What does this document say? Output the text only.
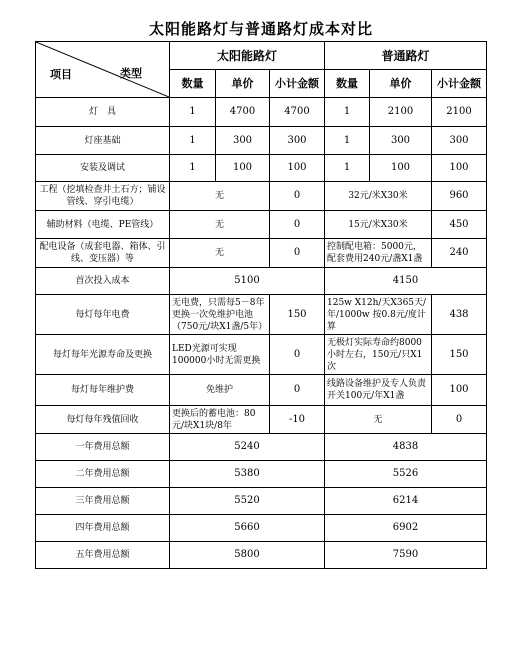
太阳能路灯与普通路灯成本对比
项目 类型	太阳能路灯			普通路灯		
	数量	单价	小计金额	数量	单价	小计金额
灯　具	1	4700	4700	1	2100	2100
灯座基础	1	300	300	1	300	300
安装及调试	1	100	100	1	100	100
工程（挖填检查井土石方；铺设管线、穿引电缆）	无		0	32元/米X30米		960
辅助材料（电缆、PE管线）	无		0	15元/米X30米		450
配电设备（成套电器、箱体、引线、变压器）等	无		0	控制配电箱：5000元，配套费用240元/盏X1盏		240
首次投入成本	5100			4150		
每灯每年电费	无电费，只需每5－8年更换一次免维护电池（750元/块X1盏/5年）		150	125w X12h/天X365天/年/1000w 按0.8元/度计算		438
每灯每年光源寿命及更换	LED光源可实现100000小时无需更换		0	无极灯实际寿命约8000小时左右，150元/只X1次		150
每灯每年维护费	免维护		0	线路设备维护及专人负责开关100元/年X1盏		100
每灯每年残值回收	更换后的蓄电池：80元/块X1块/8年		-10	无		0
一年费用总额	5240			4838		
二年费用总额	5380			5526		
三年费用总额	5520			6214		
四年费用总额	5660			6902		
五年费用总额	5800			7590		
